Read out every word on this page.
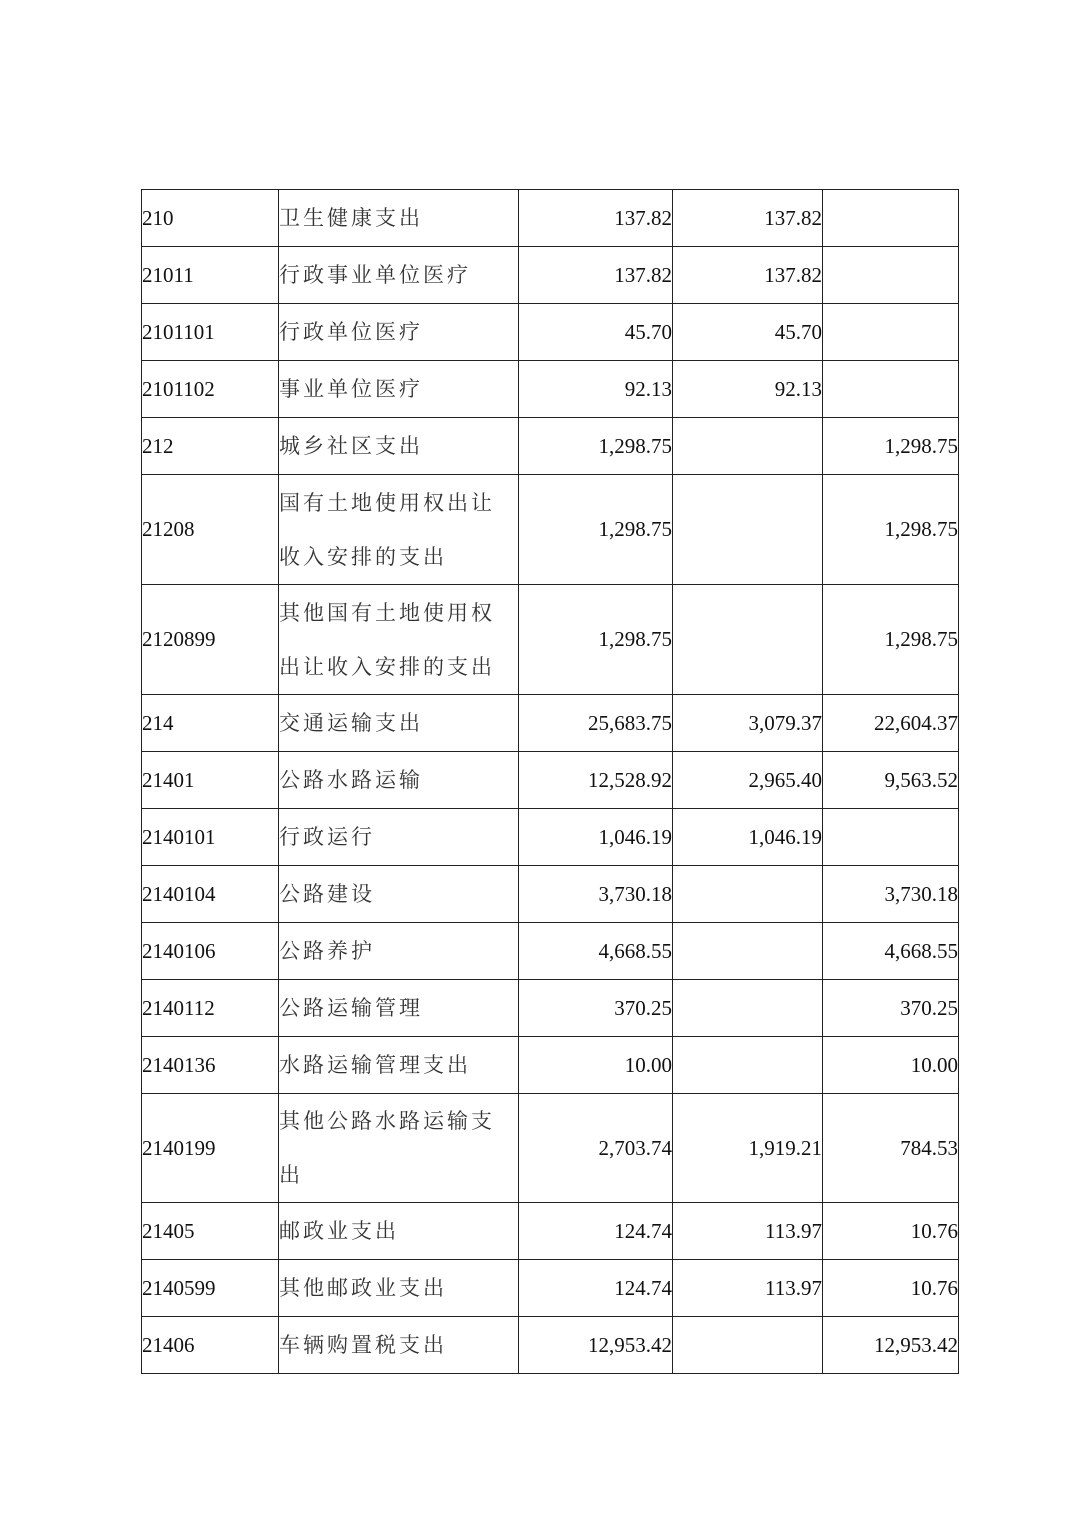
210	卫生健康支出	137.82	137.82	
21011	行政事业单位医疗	137.82	137.82	
2101101	行政单位医疗	45.70	45.70	
2101102	事业单位医疗	92.13	92.13	
212	城乡社区支出	1,298.75		1,298.75
21208	国有土地使用权出让收入安排的支出	1,298.75		1,298.75
2120899	其他国有土地使用权出让收入安排的支出	1,298.75		1,298.75
214	交通运输支出	25,683.75	3,079.37	22,604.37
21401	公路水路运输	12,528.92	2,965.40	9,563.52
2140101	行政运行	1,046.19	1,046.19	
2140104	公路建设	3,730.18		3,730.18
2140106	公路养护	4,668.55		4,668.55
2140112	公路运输管理	370.25		370.25
2140136	水路运输管理支出	10.00		10.00
2140199	其他公路水路运输支出	2,703.74	1,919.21	784.53
21405	邮政业支出	124.74	113.97	10.76
2140599	其他邮政业支出	124.74	113.97	10.76
21406	车辆购置税支出	12,953.42		12,953.42
